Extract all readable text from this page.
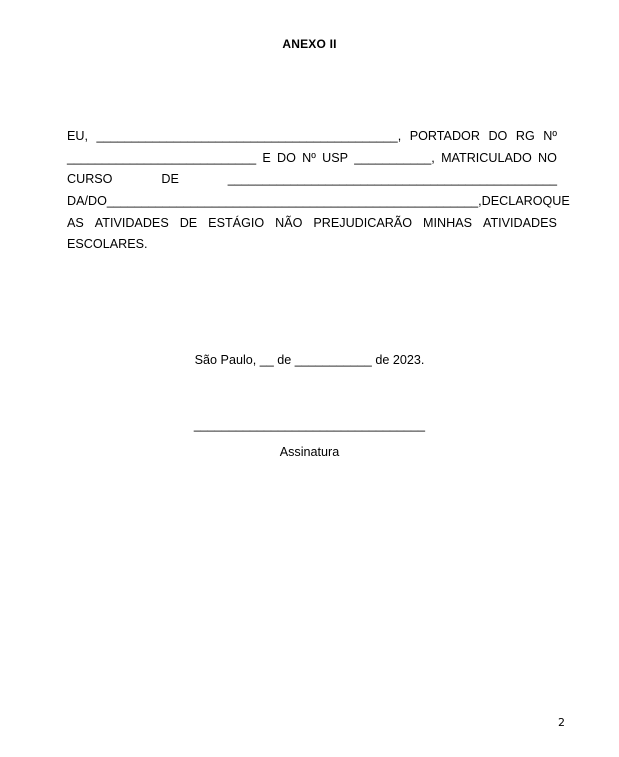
ANEXO II
EU, ___________________________________________, PORTADOR DO RG Nº
___________________________ E DO Nº USP ___________, MATRICULADO NO
CURSO	DE	_______________________________________________
DA/DO_____________________________________________________, DECLARO QUE
AS ATIVIDADES DE ESTÁGIO NÃO PREJUDICARÃO MINHAS ATIVIDADES
ESCOLARES.
São Paulo, __ de ___________ de 2023.
_________________________________
Assinatura
2
